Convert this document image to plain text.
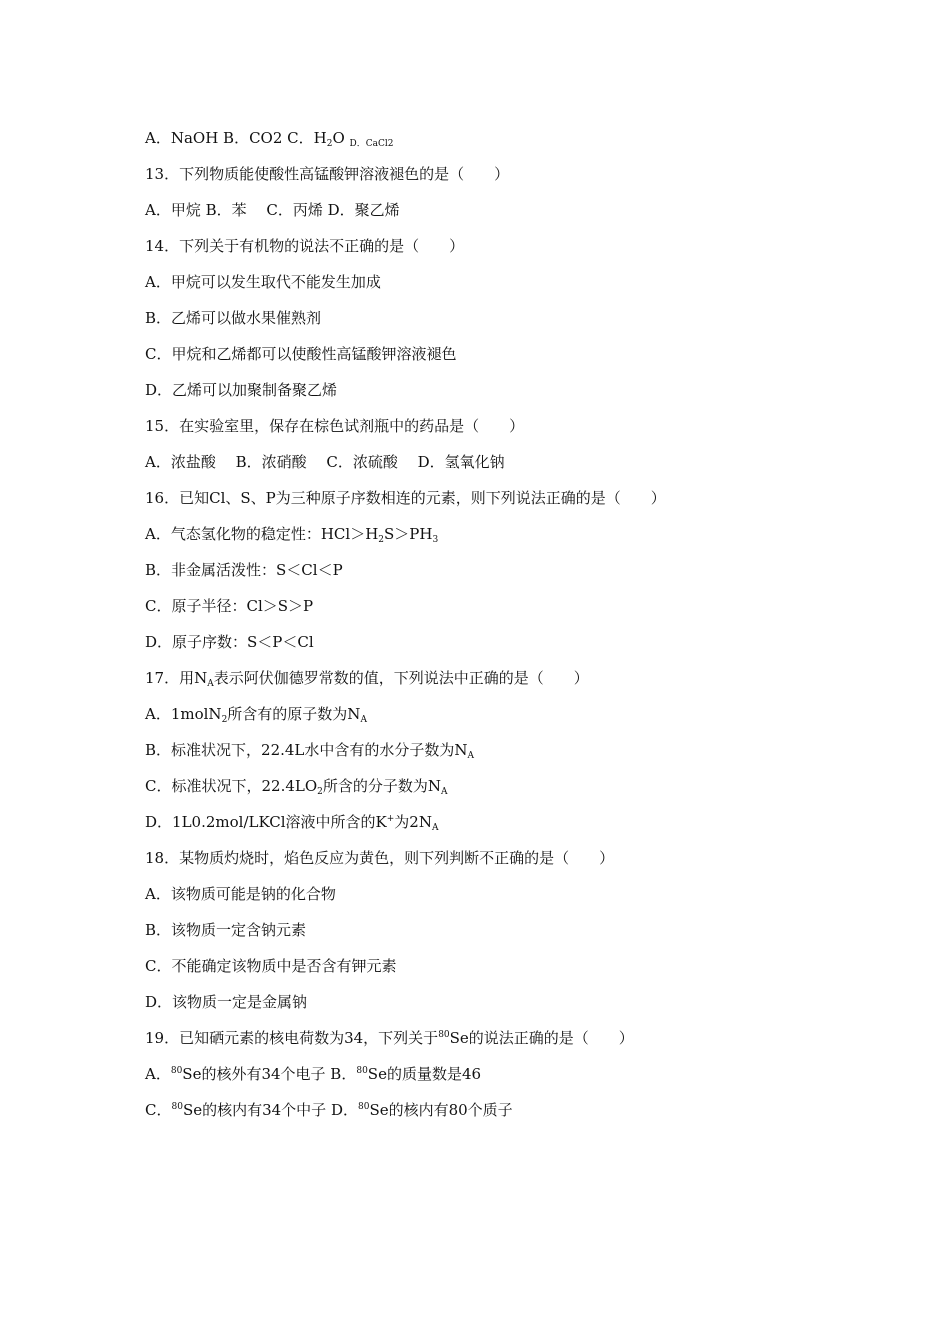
A．NaOH B．CO2 C．$H_2O$ $_{D.CaCl2}$
13．下列物质能使酸性高锰酸钾溶液褪色的是（　　）
A．甲烷 B．苯　 C．丙烯 D．聚乙烯
14．下列关于有机物的说法不正确的是（　　）
A．甲烷可以发生取代不能发生加成
B．乙烯可以做水果催熟剂
C．甲烷和乙烯都可以使酸性高锰酸钾溶液褪色
D．乙烯可以加聚制备聚乙烯
15．在实验室里，保存在棕色试剂瓶中的药品是（　　）
A．浓盐酸　 B．浓硝酸　 C．浓硫酸　 D．氢氧化钠
16．已知Cl、S、P为三种原子序数相连的元素，则下列说法正确的是（　　）
A．气态氢化物的稳定性：$HCl>H_2S>PH_3$
B．非金属活泼性：S＜Cl＜P
C．原子半径：Cl＞S＞P
D．原子序数：S＜P＜Cl
17．用$N_A$表示阿伏伽德罗常数的值，下列说法中正确的是（　　）
A．1molN$_2$所含有的原子数为$N_A$
B．标准状况下，22.4L水中含有的水分子数为$N_A$
C．标准状况下，$22.4LO_2$所含的分子数为$N_A$
D．1L0.2mol/LKCl溶液中所含的K+为$2N_A$
18．某物质灼烧时，焰色反应为黄色，则下列判断不正确的是（　　）
A．该物质可能是钠的化合物
B．该物质一定含钠元素
C．不能确定该物质中是否含有钾元素
D．该物质一定是金属钠
19．已知硒元素的核电荷数为34，下列关于$^{80}$Se的说法正确的是（　　）
A．$^{80}$Se的核外有34个电子 B．$^{80}$Se的质量数是46
C．$^{80}$Se的核内有34个中子 D．$^{80}$Se的核内有80个质子
